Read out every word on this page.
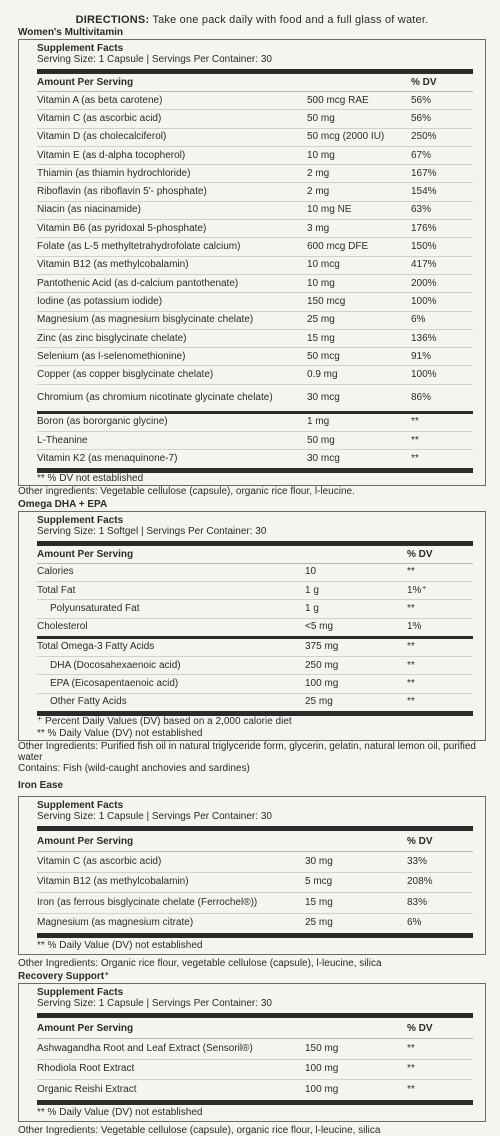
DIRECTIONS: Take one pack daily with food and a full glass of water.
Women's Multivitamin
Supplement Facts
Serving Size: 1 Capsule | Servings Per Container: 30
Amount Per Serving	% DV
Vitamin A (as beta carotene)	500 mcg RAE	56%
Vitamin C (as ascorbic acid)	50 mg	56%
Vitamin D (as cholecalciferol)	50 mcg (2000 IU)	250%
Vitamin E (as d-alpha tocopherol)	10 mg	67%
Thiamin (as thiamin hydrochloride)	2 mg	167%
Riboflavin (as riboflavin 5'- phosphate)	2 mg	154%
Niacin (as niacinamide)	10 mg NE	63%
Vitamin B6 (as pyridoxal 5-phosphate)	3 mg	176%
Folate (as L-5 methyltetrahydrofolate calcium)	600 mcg DFE	150%
Vitamin B12 (as methylcobalamin)	10 mcg	417%
Pantothenic Acid (as d-calcium pantothenate)	10 mg	200%
Iodine (as potassium iodide)	150 mcg	100%
Magnesium (as magnesium bisglycinate chelate)	25 mg	6%
Zinc (as zinc bisglycinate chelate)	15 mg	136%
Selenium (as l-selenomethionine)	50 mcg	91%
Copper (as copper bisglycinate chelate)	0.9 mg	100%
Chromium (as chromium nicotinate glycinate chelate)	30 mcg	86%
Boron (as bororganic glycine)	1 mg	**
L-Theanine	50 mg	**
Vitamin K2 (as menaquinone-7)	30 mcg	**
** % DV not established
Other ingredients: Vegetable cellulose (capsule), organic rice flour, l-leucine.
Omega DHA + EPA
Supplement Facts
Serving Size: 1 Softgel | Servings Per Container: 30
Amount Per Serving	% DV
Calories	10	**
Total Fat	1 g	1%⁺
Polyunsaturated Fat	1 g	**
Cholesterol	<5 mg	1%
Total Omega-3 Fatty Acids	375 mg	**
DHA (Docosahexaenoic acid)	250 mg	**
EPA (Eicosapentaenoic acid)	100 mg	**
Other Fatty Acids	25 mg	**
⁺ Percent Daily Values (DV) based on a 2,000 calorie diet
** % Daily Value (DV) not established
Other Ingredients: Purified fish oil in natural triglyceride form, glycerin, gelatin, natural lemon oil, purified water
Contains: Fish (wild-caught anchovies and sardines)
Iron Ease
Supplement Facts
Serving Size: 1 Capsule | Servings Per Container: 30
Amount Per Serving	% DV
Vitamin C (as ascorbic acid)	30 mg	33%
Vitamin B12 (as methylcobalamin)	5 mcg	208%
Iron (as ferrous bisglycinate chelate (Ferrochel®))	15 mg	83%
Magnesium (as magnesium citrate)	25 mg	6%
** % Daily Value (DV) not established
Other Ingredients: Organic rice flour, vegetable cellulose (capsule), l-leucine, silica
Recovery Support⁺
Supplement Facts
Serving Size: 1 Capsule | Servings Per Container: 30
Amount Per Serving	% DV
Ashwagandha Root and Leaf Extract (Sensoril®)	150 mg	**
Rhodiola Root Extract	100 mg	**
Organic Reishi Extract	100 mg	**
** % Daily Value (DV) not established
Other Ingredients: Vegetable cellulose (capsule), organic rice flour, l-leucine, silica
